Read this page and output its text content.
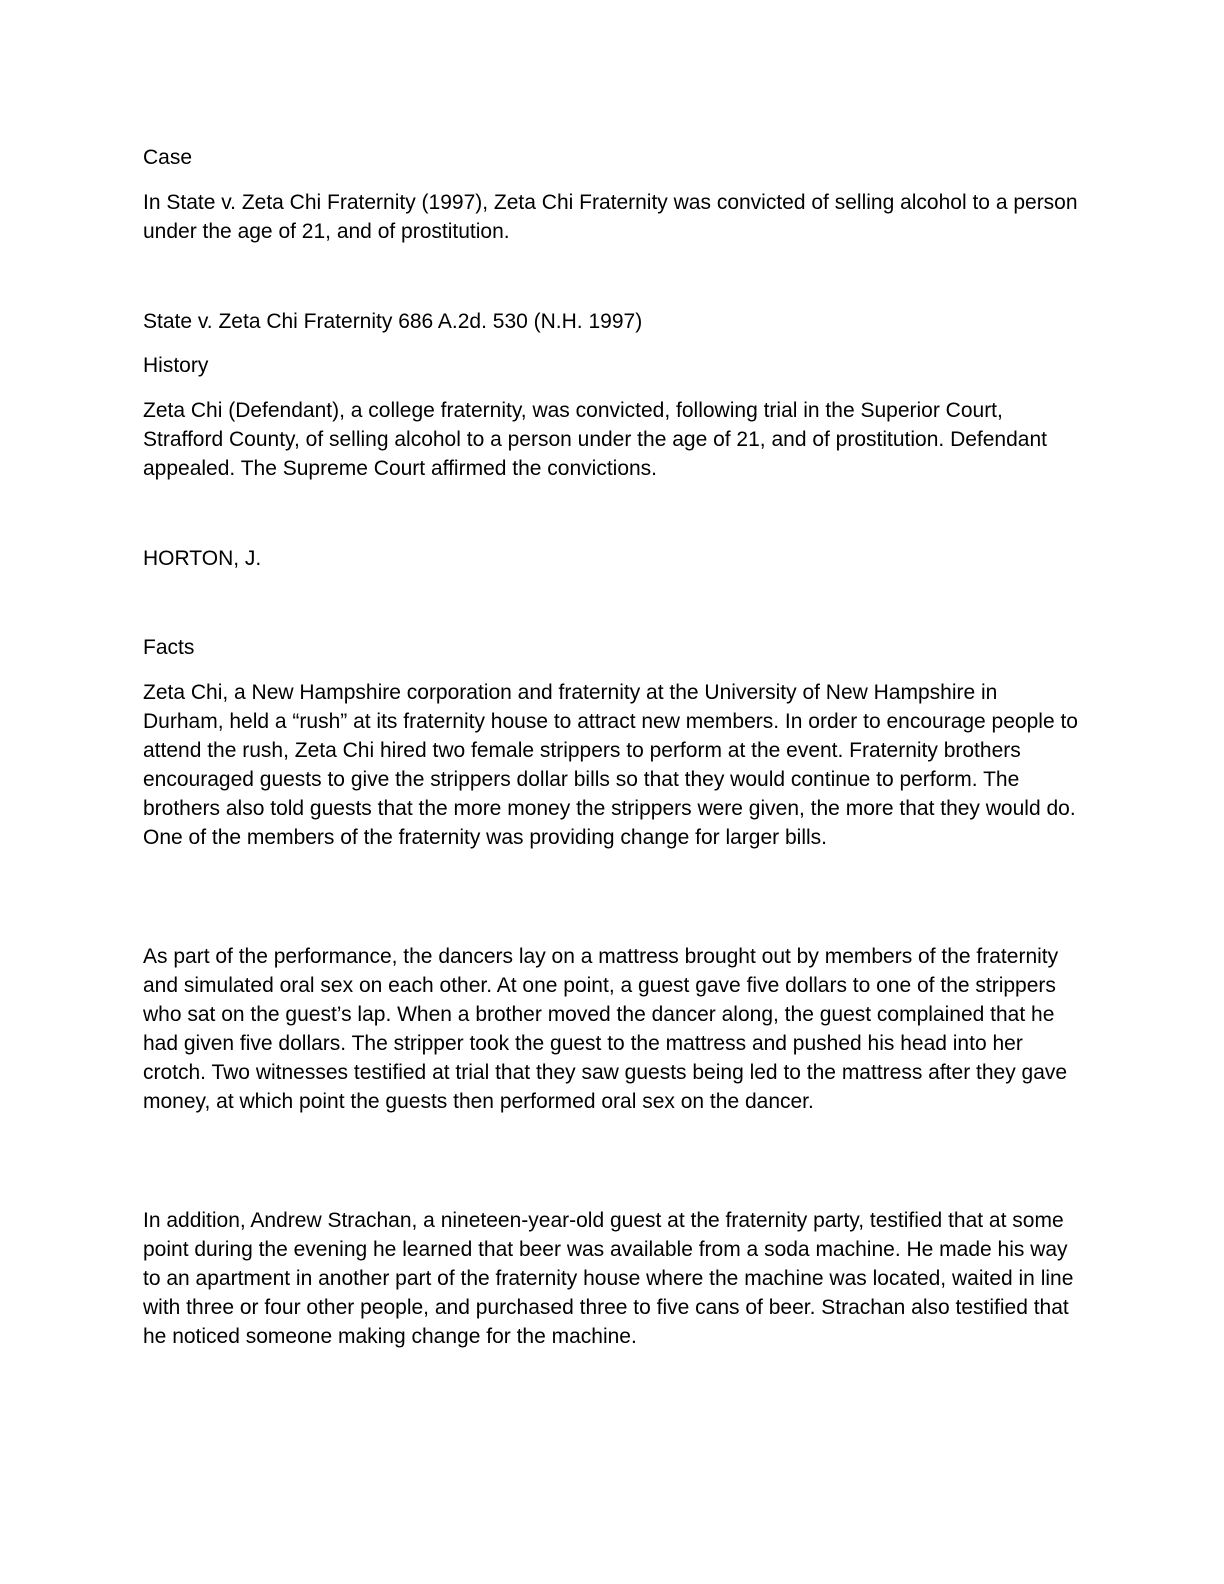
Case

In State v. Zeta Chi Fraternity (1997), Zeta Chi Fraternity was convicted of selling alcohol to a person under the age of 21, and of prostitution.

State v. Zeta Chi Fraternity 686 A.2d. 530 (N.H. 1997)

History

Zeta Chi (Defendant), a college fraternity, was convicted, following trial in the Superior Court, Strafford County, of selling alcohol to a person under the age of 21, and of prostitution. Defendant appealed. The Supreme Court affirmed the convictions.

HORTON, J.

Facts

Zeta Chi, a New Hampshire corporation and fraternity at the University of New Hampshire in Durham, held a “rush” at its fraternity house to attract new members. In order to encourage people to attend the rush, Zeta Chi hired two female strippers to perform at the event. Fraternity brothers encouraged guests to give the strippers dollar bills so that they would continue to perform. The brothers also told guests that the more money the strippers were given, the more that they would do. One of the members of the fraternity was providing change for larger bills.

As part of the performance, the dancers lay on a mattress brought out by members of the fraternity and simulated oral sex on each other. At one point, a guest gave five dollars to one of the strippers who sat on the guest’s lap. When a brother moved the dancer along, the guest complained that he had given five dollars. The stripper took the guest to the mattress and pushed his head into her crotch. Two witnesses testified at trial that they saw guests being led to the mattress after they gave money, at which point the guests then performed oral sex on the dancer.

In addition, Andrew Strachan, a nineteen-year-old guest at the fraternity party, testified that at some point during the evening he learned that beer was available from a soda machine. He made his way to an apartment in another part of the fraternity house where the machine was located, waited in line with three or four other people, and purchased three to five cans of beer. Strachan also testified that he noticed someone making change for the machine.
